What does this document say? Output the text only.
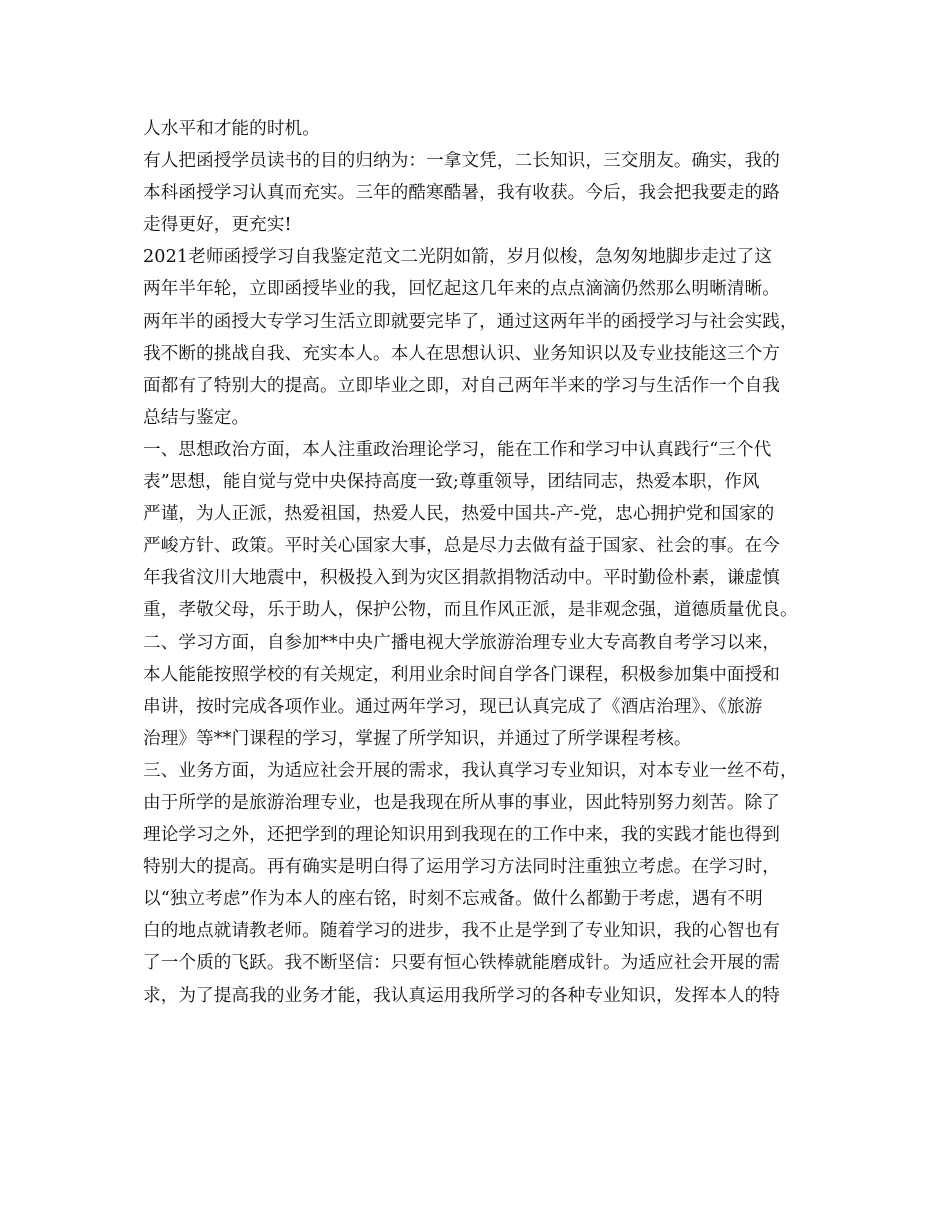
人水平和才能的时机。
有人把函授学员读书的目的归纳为：一拿文凭，二长知识，三交朋友。确实，我的
本科函授学习认真而充实。三年的酷寒酷暑，我有收获。今后，我会把我要走的路
走得更好，更充实!
2021老师函授学习自我鉴定范文二光阴如箭，岁月似梭，急匆匆地脚步走过了这
两年半年轮，立即函授毕业的我，回忆起这几年来的点点滴滴仍然那么明晰清晰。
两年半的函授大专学习生活立即就要完毕了，通过这两年半的函授学习与社会实践，
我不断的挑战自我、充实本人。本人在思想认识、业务知识以及专业技能这三个方
面都有了特别大的提高。立即毕业之即，对自己两年半来的学习与生活作一个自我
总结与鉴定。
一、思想政治方面，本人注重政治理论学习，能在工作和学习中认真践行“三个代
表”思想，能自觉与党中央保持高度一致;尊重领导，团结同志，热爱本职，作风
严谨，为人正派，热爱祖国，热爱人民，热爱中国共-产-党，忠心拥护党和国家的
严峻方针、政策。平时关心国家大事，总是尽力去做有益于国家、社会的事。在今
年我省汶川大地震中，积极投入到为灾区捐款捐物活动中。平时勤俭朴素，谦虚慎
重，孝敬父母，乐于助人，保护公物，而且作风正派，是非观念强，道德质量优良。
二、学习方面，自参加**中央广播电视大学旅游治理专业大专高教自考学习以来，
本人能能按照学校的有关规定，利用业余时间自学各门课程，积极参加集中面授和
串讲，按时完成各项作业。通过两年学习，现已认真完成了《酒店治理》、《旅游
治理》等**门课程的学习，掌握了所学知识，并通过了所学课程考核。
三、业务方面，为适应社会开展的需求，我认真学习专业知识，对本专业一丝不苟，
由于所学的是旅游治理专业，也是我现在所从事的事业，因此特别努力刻苦。除了
理论学习之外，还把学到的理论知识用到我现在的工作中来，我的实践才能也得到
特别大的提高。再有确实是明白得了运用学习方法同时注重独立考虑。在学习时，
以“独立考虑”作为本人的座右铭，时刻不忘戒备。做什么都勤于考虑，遇有不明
白的地点就请教老师。随着学习的进步，我不止是学到了专业知识，我的心智也有
了一个质的飞跃。我不断坚信：只要有恒心铁棒就能磨成针。为适应社会开展的需
求，为了提高我的业务才能，我认真运用我所学习的各种专业知识，发挥本人的特
